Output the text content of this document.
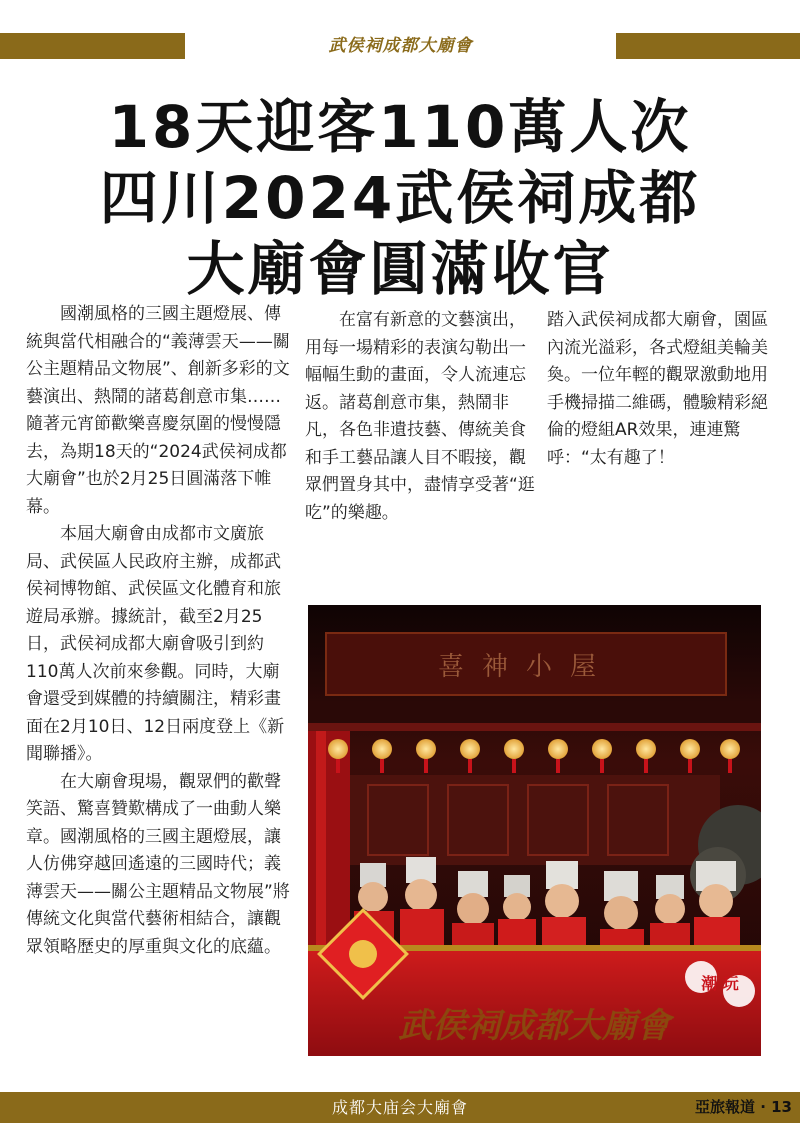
武侯祠成都大廟會
18天迎客110萬人次
四川2024武侯祠成都
大廟會圓滿收官

國潮風格的三國主題燈展、傳統與當代相融合的“義薄雲天——關公主題精品文物展”、創新多彩的文藝演出、熱鬧的諸葛創意市集……隨著元宵節歡樂喜慶氛圍的慢慢隱去，為期18天的“2024武侯祠成都大廟會”也於2月25日圓滿落下帷幕。

本屆大廟會由成都市文廣旅局、武侯區人民政府主辦，成都武侯祠博物館、武侯區文化體育和旅遊局承辦。據統計，截至2月25日，武侯祠成都大廟會吸引到約110萬人次前來參觀。同時，大廟會還受到媒體的持續關注，精彩畫面在2月10日、12日兩度登上《新聞聯播》。

在大廟會現場，觀眾們的歡聲笑語、驚喜贊歎構成了一曲動人樂章。國潮風格的三國主題燈展，讓人仿佛穿越回遙遠的三國時代；義薄雲天——關公主題精品文物展”將傳統文化與當代藝術相結合，讓觀眾領略歷史的厚重與文化的底蘊。

在富有新意的文藝演出，用每一場精彩的表演勾勒出一幅幅生動的畫面，令人流連忘返。諸葛創意市集，熱鬧非凡，各色非遺技藝、傳統美食和手工藝品讓人目不暇接，觀眾們置身其中，盡情享受著“逛吃”的樂趣。

踏入武侯祠成都大廟會，園區內流光溢彩，各式燈組美輪美奐。一位年輕的觀眾激動地用手機掃描二維碼，體驗精彩絕倫的燈組AR效果，連連驚呼：“太有趣了！

喜神小屋
潮 玩
武侯祠成都大廟會
成都大庙会大廟會	亞旅報道 · 13
